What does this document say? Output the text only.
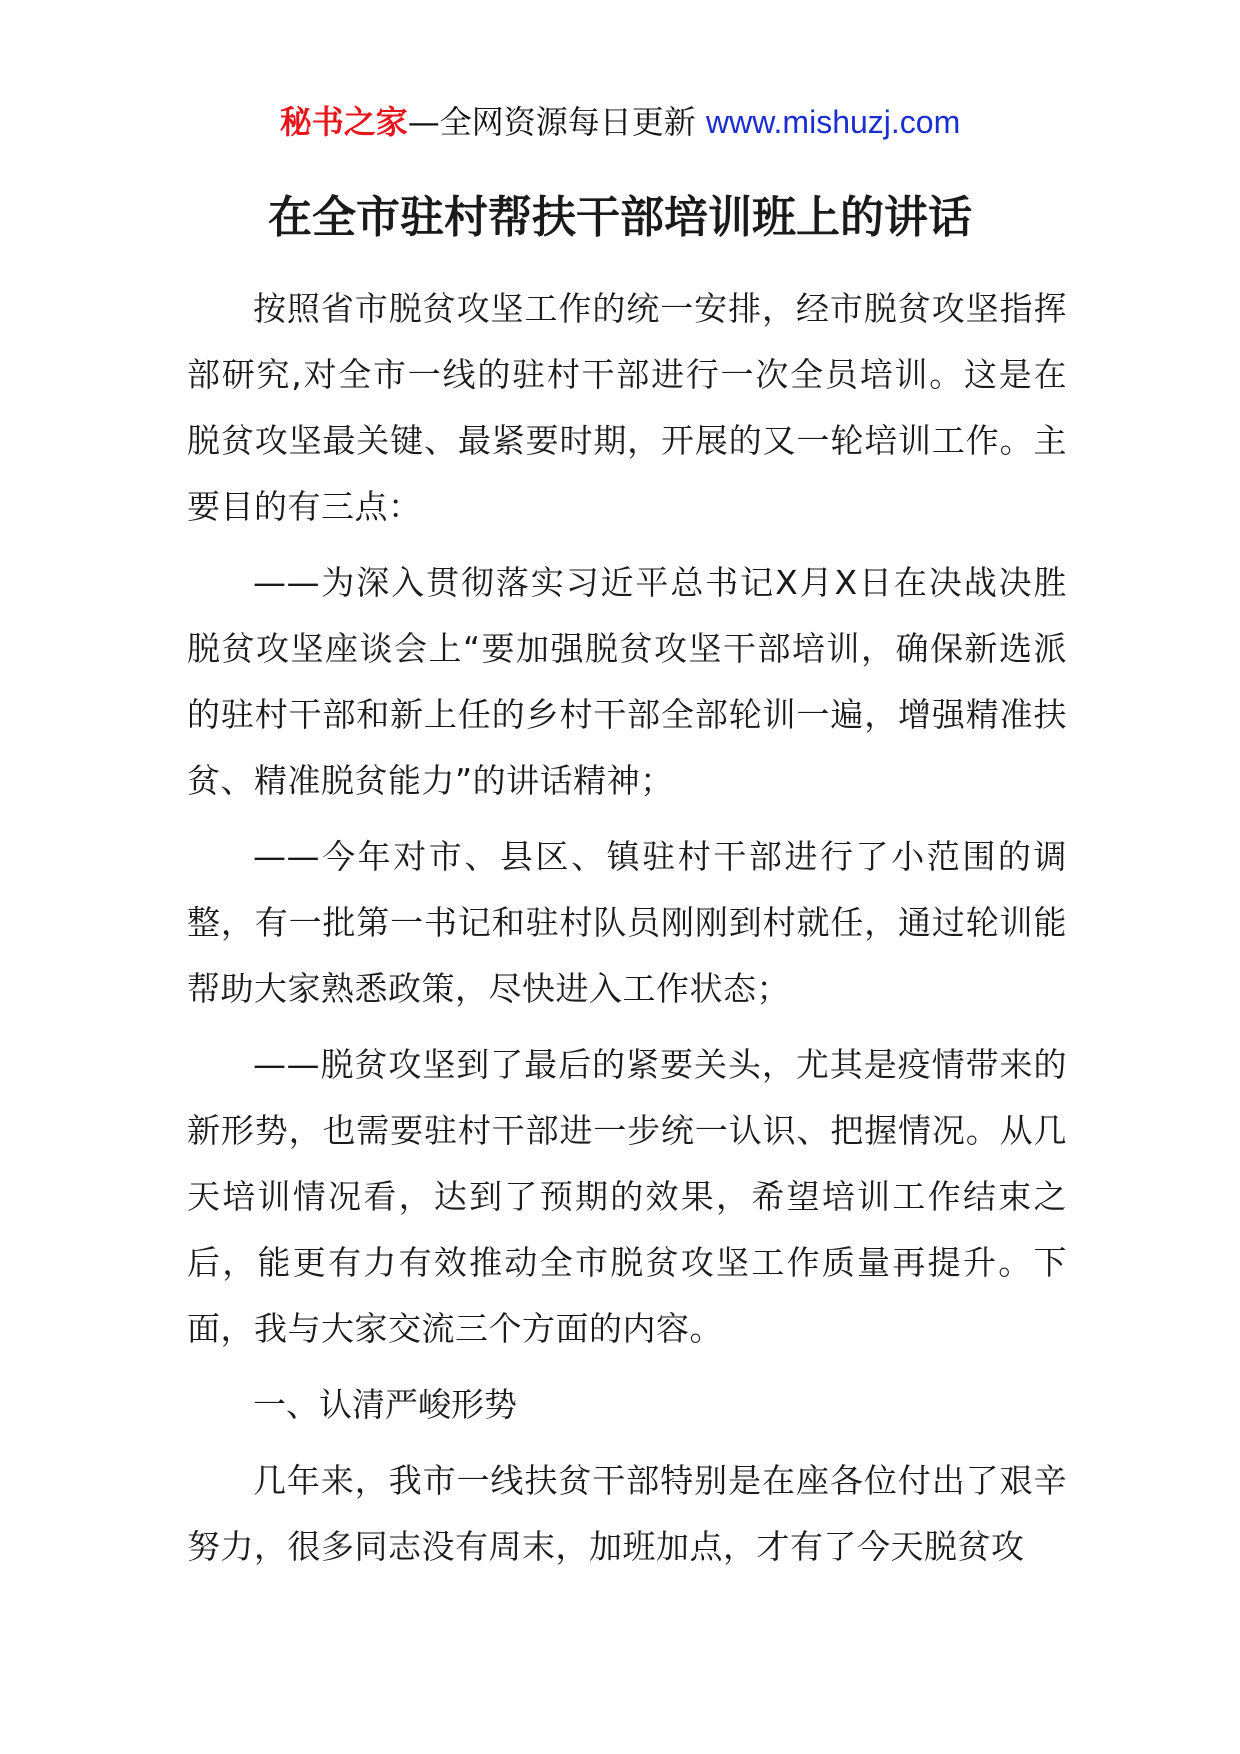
秘书之家—全网资源每日更新 www.mishuzj.com
在全市驻村帮扶干部培训班上的讲话

按照省市脱贫攻坚工作的统一安排，经市脱贫攻坚指挥部研究,对全市一线的驻村干部进行一次全员培训。这是在脱贫攻坚最关键、最紧要时期，开展的又一轮培训工作。主要目的有三点：

——为深入贯彻落实习近平总书记X月X日在决战决胜脱贫攻坚座谈会上“要加强脱贫攻坚干部培训，确保新选派的驻村干部和新上任的乡村干部全部轮训一遍，增强精准扶贫、精准脱贫能力”的讲话精神；

——今年对市、县区、镇驻村干部进行了小范围的调整，有一批第一书记和驻村队员刚刚到村就任，通过轮训能帮助大家熟悉政策，尽快进入工作状态；

——脱贫攻坚到了最后的紧要关头，尤其是疫情带来的新形势，也需要驻村干部进一步统一认识、把握情况。从几天培训情况看，达到了预期的效果，希望培训工作结束之后，能更有力有效推动全市脱贫攻坚工作质量再提升。下面，我与大家交流三个方面的内容。

一、认清严峻形势

几年来，我市一线扶贫干部特别是在座各位付出了艰辛努力，很多同志没有周末，加班加点，才有了今天脱贫攻
